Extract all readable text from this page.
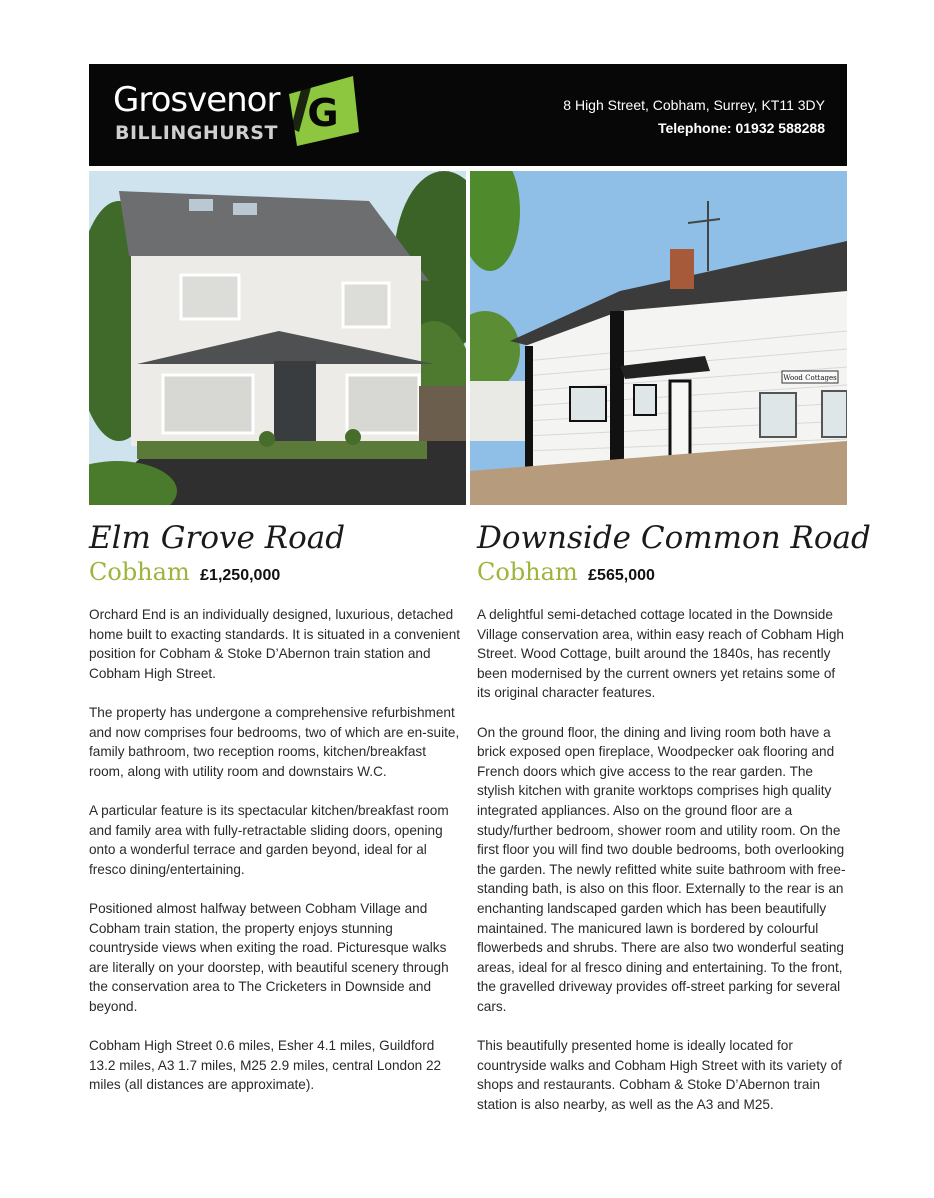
Grosvenor
BILLINGHURST G	8 High Street, Cobham, Surrey, KT11 3DY
Telephone: 01932 588288
Wood Cottages
Elm Grove Road
Cobham £1,250,000

Orchard End is an individually designed, luxurious, detached home built to exacting standards. It is situated in a convenient position for Cobham & Stoke D’Abernon train station and Cobham High Street.

The property has undergone a comprehensive refurbishment and now comprises four bedrooms, two of which are en-suite, family bathroom, two reception rooms, kitchen/breakfast room, along with utility room and downstairs W.C.

A particular feature is its spectacular kitchen/breakfast room and family area with fully-retractable sliding doors, opening onto a wonderful terrace and garden beyond, ideal for al fresco dining/entertaining.

Positioned almost halfway between Cobham Village and Cobham train station, the property enjoys stunning countryside views when exiting the road. Picturesque walks are literally on your doorstep, with beautiful scenery through the conservation area to The Cricketers in Downside and beyond.

Cobham High Street 0.6 miles, Esher 4.1 miles, Guildford 13.2 miles, A3 1.7 miles, M25 2.9 miles, central London 22 miles (all distances are approximate).

Downside Common Road
Cobham £565,000

A delightful semi-detached cottage located in the Downside Village conservation area, within easy reach of Cobham High Street. Wood Cottage, built around the 1840s, has recently been modernised by the current owners yet retains some of its original character features.

On the ground floor, the dining and living room both have a brick exposed open fireplace, Woodpecker oak flooring and French doors which give access to the rear garden. The stylish kitchen with granite worktops comprises high quality integrated appliances. Also on the ground floor are a study/further bedroom, shower room and utility room. On the first floor you will find two double bedrooms, both overlooking the garden. The newly refitted white suite bathroom with free-standing bath, is also on this floor. Externally to the rear is an enchanting landscaped garden which has been beautifully maintained. The manicured lawn is bordered by colourful flowerbeds and shrubs. There are also two wonderful seating areas, ideal for al fresco dining and entertaining. To the front, the gravelled driveway provides off-street parking for several cars.

This beautifully presented home is ideally located for countryside walks and Cobham High Street with its variety of shops and restaurants. Cobham & Stoke D’Abernon train station is also nearby, as well as the A3 and M25.
